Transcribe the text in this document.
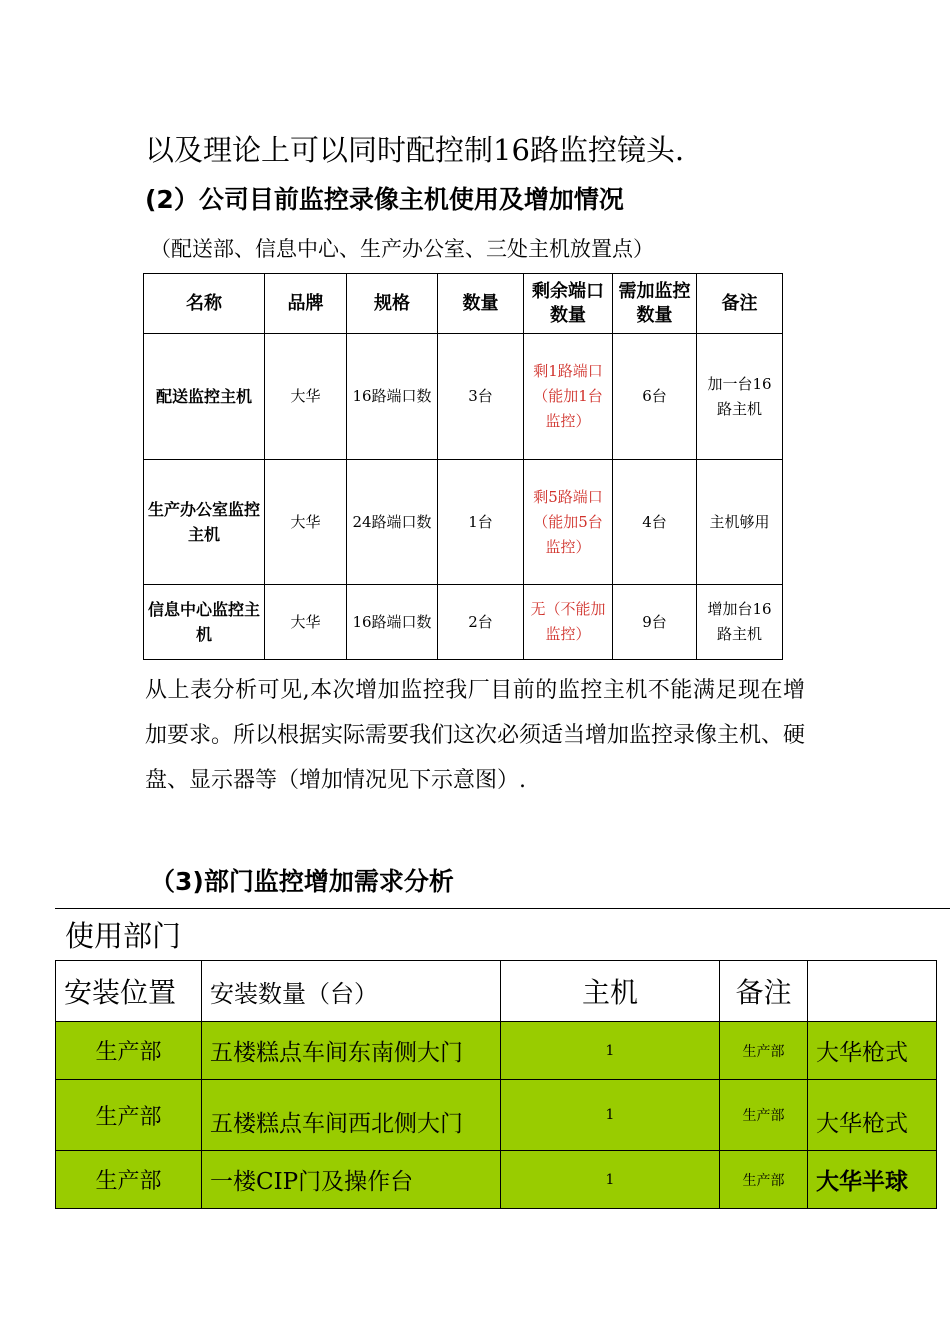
以及理论上可以同时配控制16路监控镜头.
(2）公司目前监控录像主机使用及增加情况
（配送部、信息中心、生产办公室、三处主机放置点）
名称	品牌	规格	数量	剩余端口数量	需加监控数量	备注
配送监控主机	大华	16路端口数	3台	剩1路端口（能加1台监控）	6台	加一台16路主机
生产办公室监控主机	大华	24路端口数	1台	剩5路端口（能加5台监控）	4台	主机够用
信息中心监控主机	大华	16路端口数	2台	无（不能加监控）	9台	增加台16路主机
从上表分析可见,本次增加监控我厂目前的监控主机不能满足现在增加要求。所以根据实际需要我们这次必须适当增加监控录像主机、硬盘、显示器等（增加情况见下示意图）.
（3)部门监控增加需求分析
使用部门
安装位置	安装数量（台）	主机	备注	
生产部	五楼糕点车间东南侧大门	1	生产部	大华枪式
生产部	五楼糕点车间西北侧大门	1	生产部	大华枪式
生产部	一楼CIP门及操作台	1	生产部	大华半球
